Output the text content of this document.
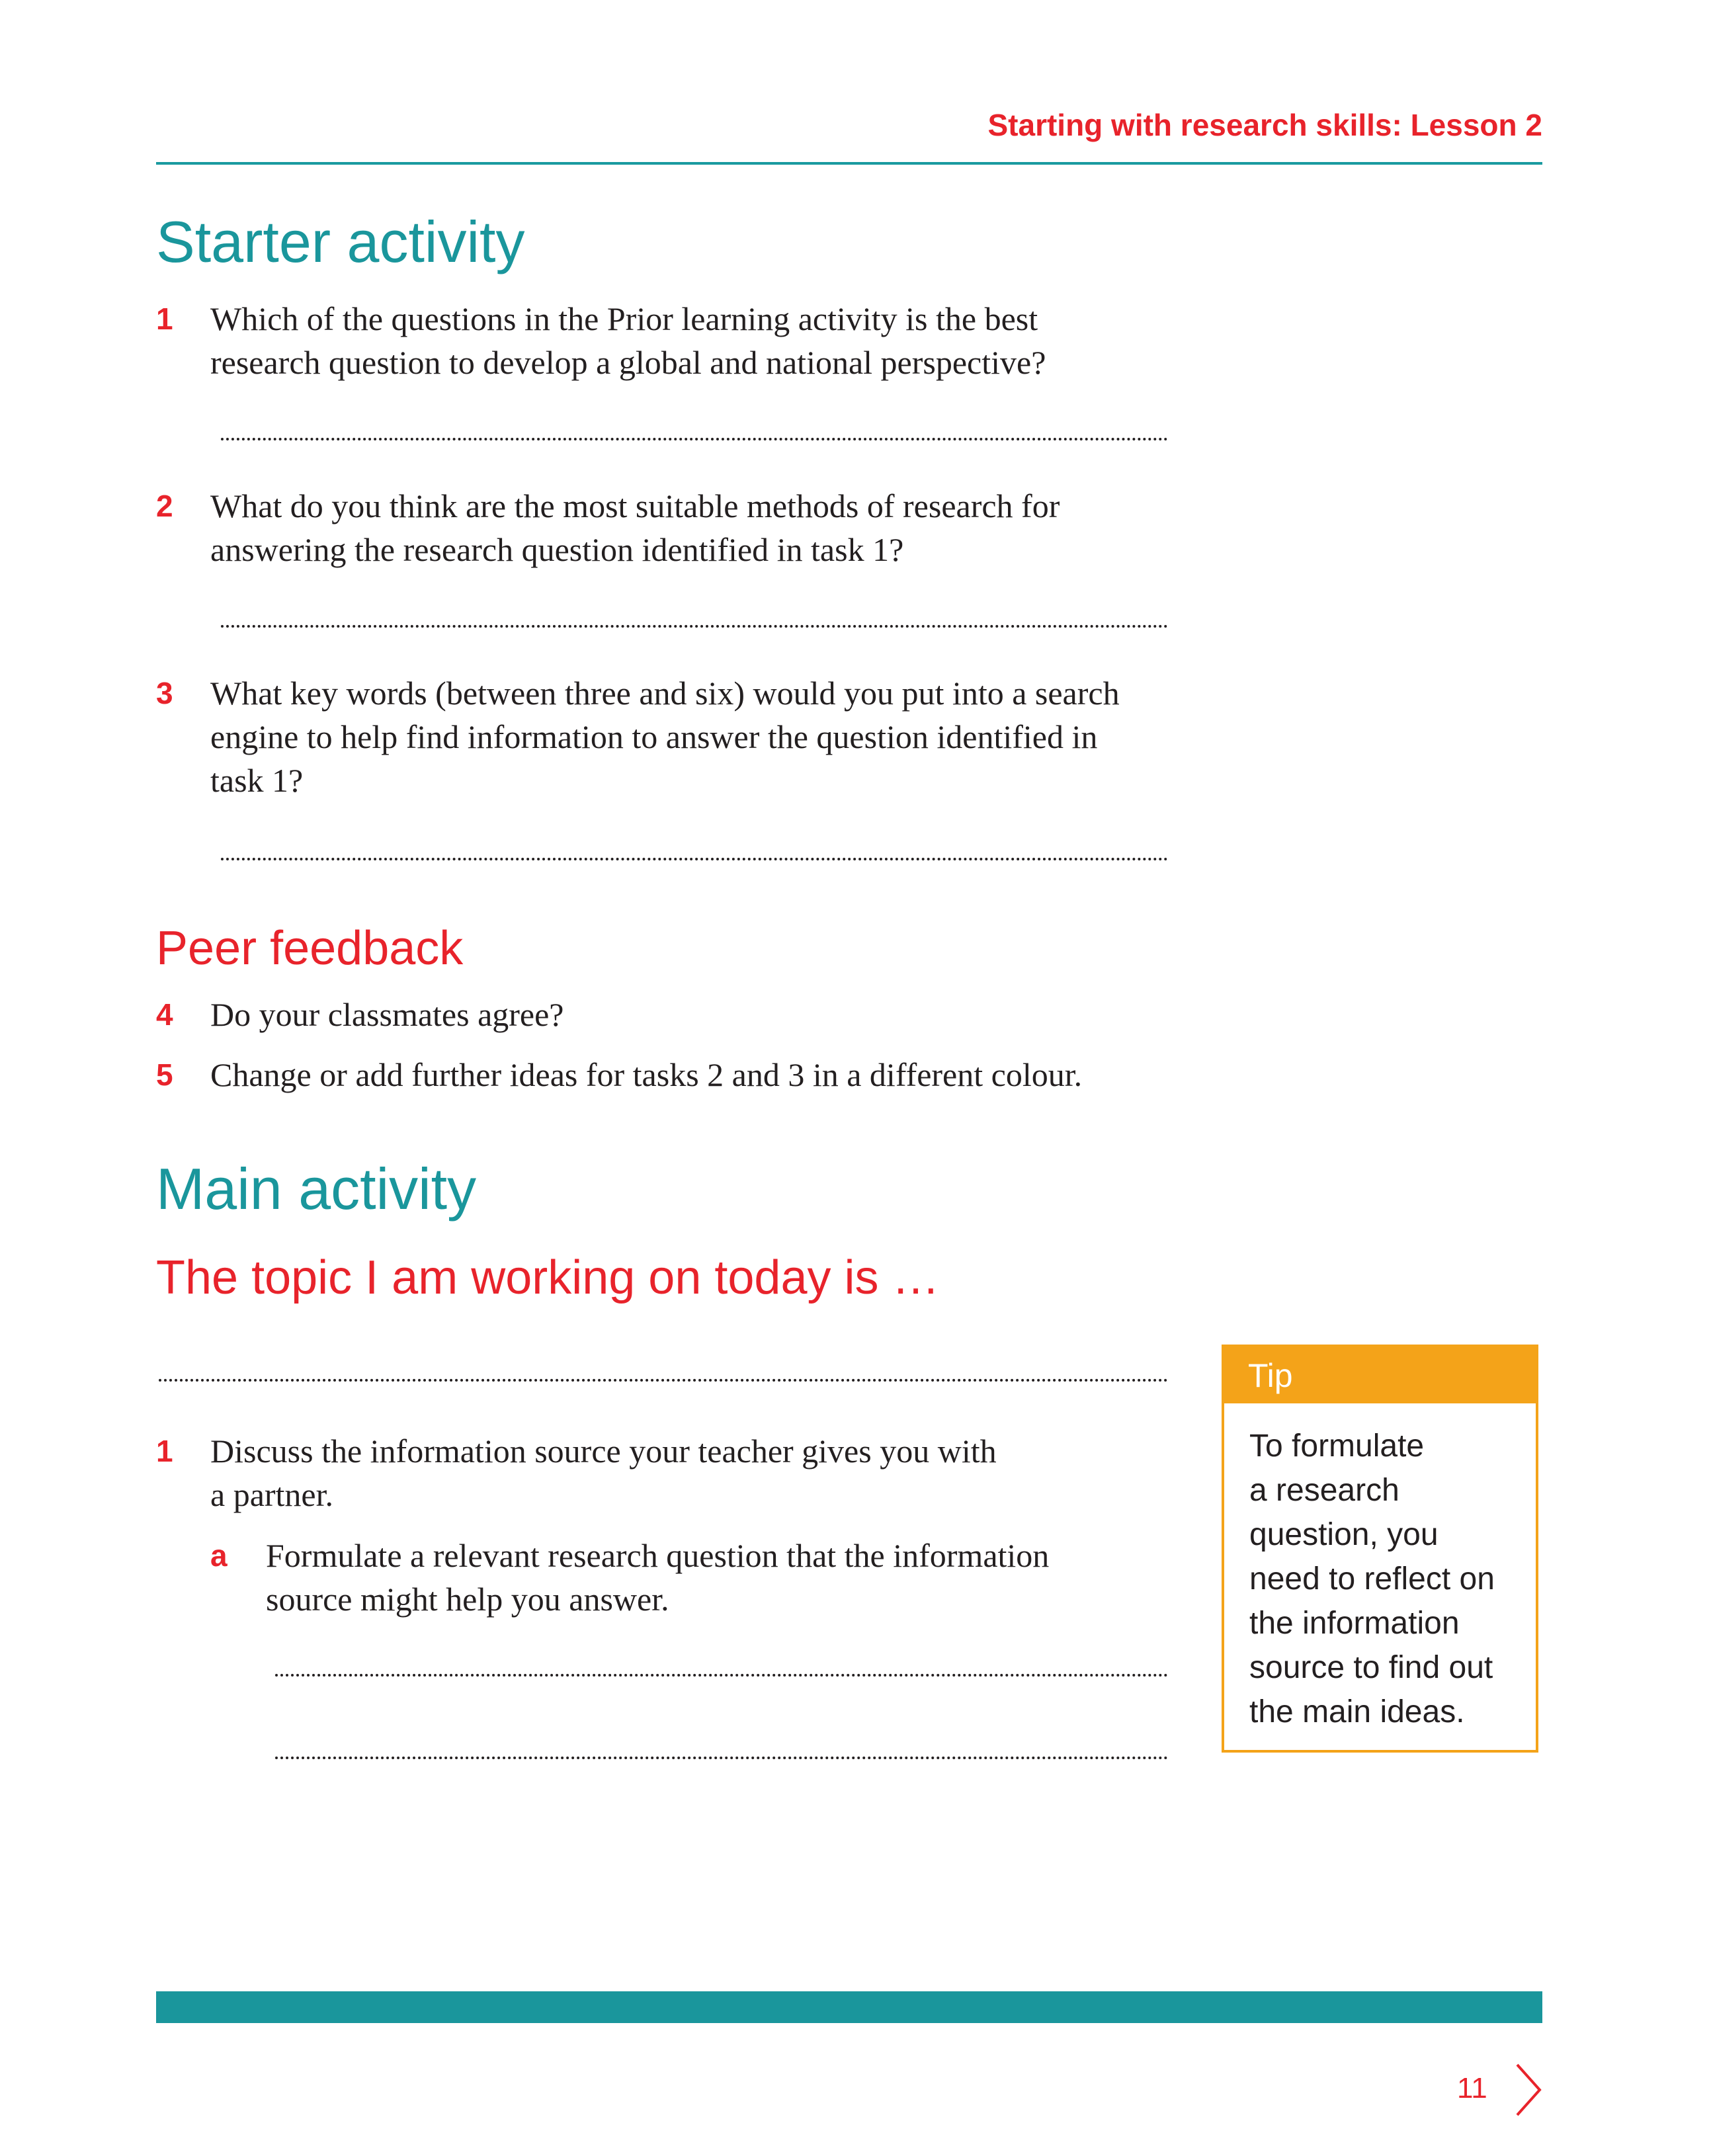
Starting with research skills: Lesson 2
Starter activity
1 Which of the questions in the Prior learning activity is the best
research question to develop a global and national perspective?
2 What do you think are the most suitable methods of research for
answering the research question identified in task 1?
3 What key words (between three and six) would you put into a search
engine to help find information to answer the question identified in
task 1?
Peer feedback
4 Do your classmates agree?
5 Change or add further ideas for tasks 2 and 3 in a different colour.
Main activity
The topic I am working on today is …
1 Discuss the information source your teacher gives you with
a partner.
a Formulate a relevant research question that the information
source might help you answer.
Tip
To formulate
a research
question, you
need to reflect on
the information
source to find out
the main ideas.
11
